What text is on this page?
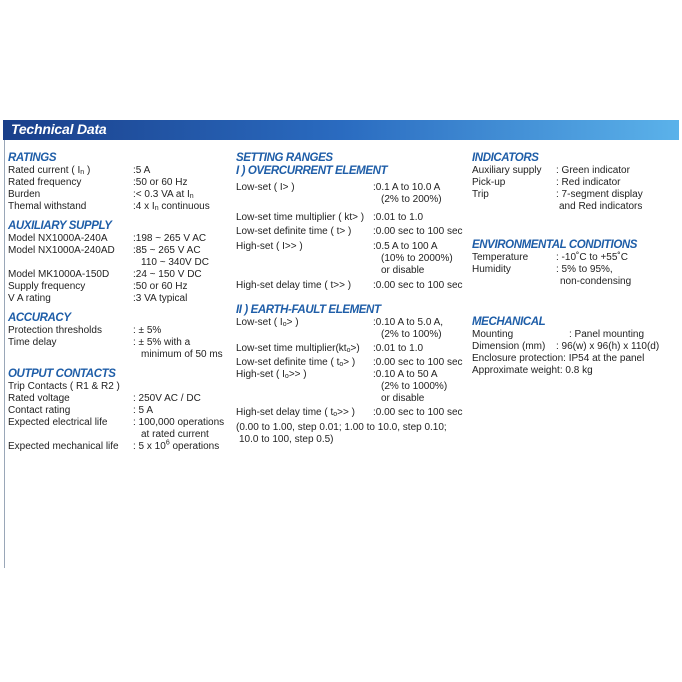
Technical Data
RATINGS
Rated current ( $I_n$ )	:5 A
Rated frequency	:50 or 60 Hz
Burden	:< 0.3 VA at $I_n$
Themal withstand	:4 x $I_n$ continuous
AUXILIARY SUPPLY
Model NX1000A-240A	:198 ~ 265 V AC
Model NX1000A-240AD	:85 ~ 265 V AC
110 ~ 340V DC
Model MK1000A-150D	:24 ~ 150 V DC
Supply frequency	:50 or 60 Hz
V A rating	:3 VA typical
ACCURACY
Protection thresholds	: ± 5%
Time delay	: ± 5% with a
minimum of 50 ms
OUTPUT CONTACTS
Trip Contacts ( R1 & R2 )
Rated voltage	: 250V AC / DC
Contact rating	: 5 A
Expected electrical life	: 100,000 operations
at rated current
Expected mechanical life	: 5 x $10^6$ operations
SETTING RANGES
I ) OVERCURRENT ELEMENT
Low-set ( I> )	:0.1 A to 10.0 A
(2% to 200%)
Low-set time multiplier ( kt> ) :0.01 to 1.0
Low-set definite time ( t> )	:0.00 sec to 100 sec
High-set ( I>> )	:0.5 A to 100 A
(10% to 2000%)
or disable
High-set delay time ( t>> )	:0.00 sec to 100 sec
II ) EARTH-FAULT ELEMENT
Low-set ( $I_o>$ )	:0.10 A to 5.0 A,
(2% to 100%)
Low-set time $multiplier(kt_o>)$	:0.01 to 1.0
Low-set definite time ( $t_o>$ )	:0.00 sec to 100 sec
High-set ( $I_o>>$ )	:0.10 A to 50 A
(2% to 1000%)
or disable
High-set delay time ( $t_o>>$ )	:0.00 sec to 100 sec
(0.00 to 1.00, step 0.01; 1.00 to 10.0, step 0.10;
10.0 to 100, step 0.5)
INDICATORS
Auxiliary supply	: Green indicator
Pick-up	: Red indicator
Trip	: 7-segment display
and Red indicators
ENVIRONMENTAL CONDITIONS
Temperature	: -10˚C to +55˚C
Humidity	: 5% to 95%,
non-condensing
MECHANICAL
Mounting	: Panel mounting
Dimension (mm)	: 96(w) x 96(h) x 110(d)
Enclosure protection : IP54 at the panel
Approximate weight : 0.8 kg
